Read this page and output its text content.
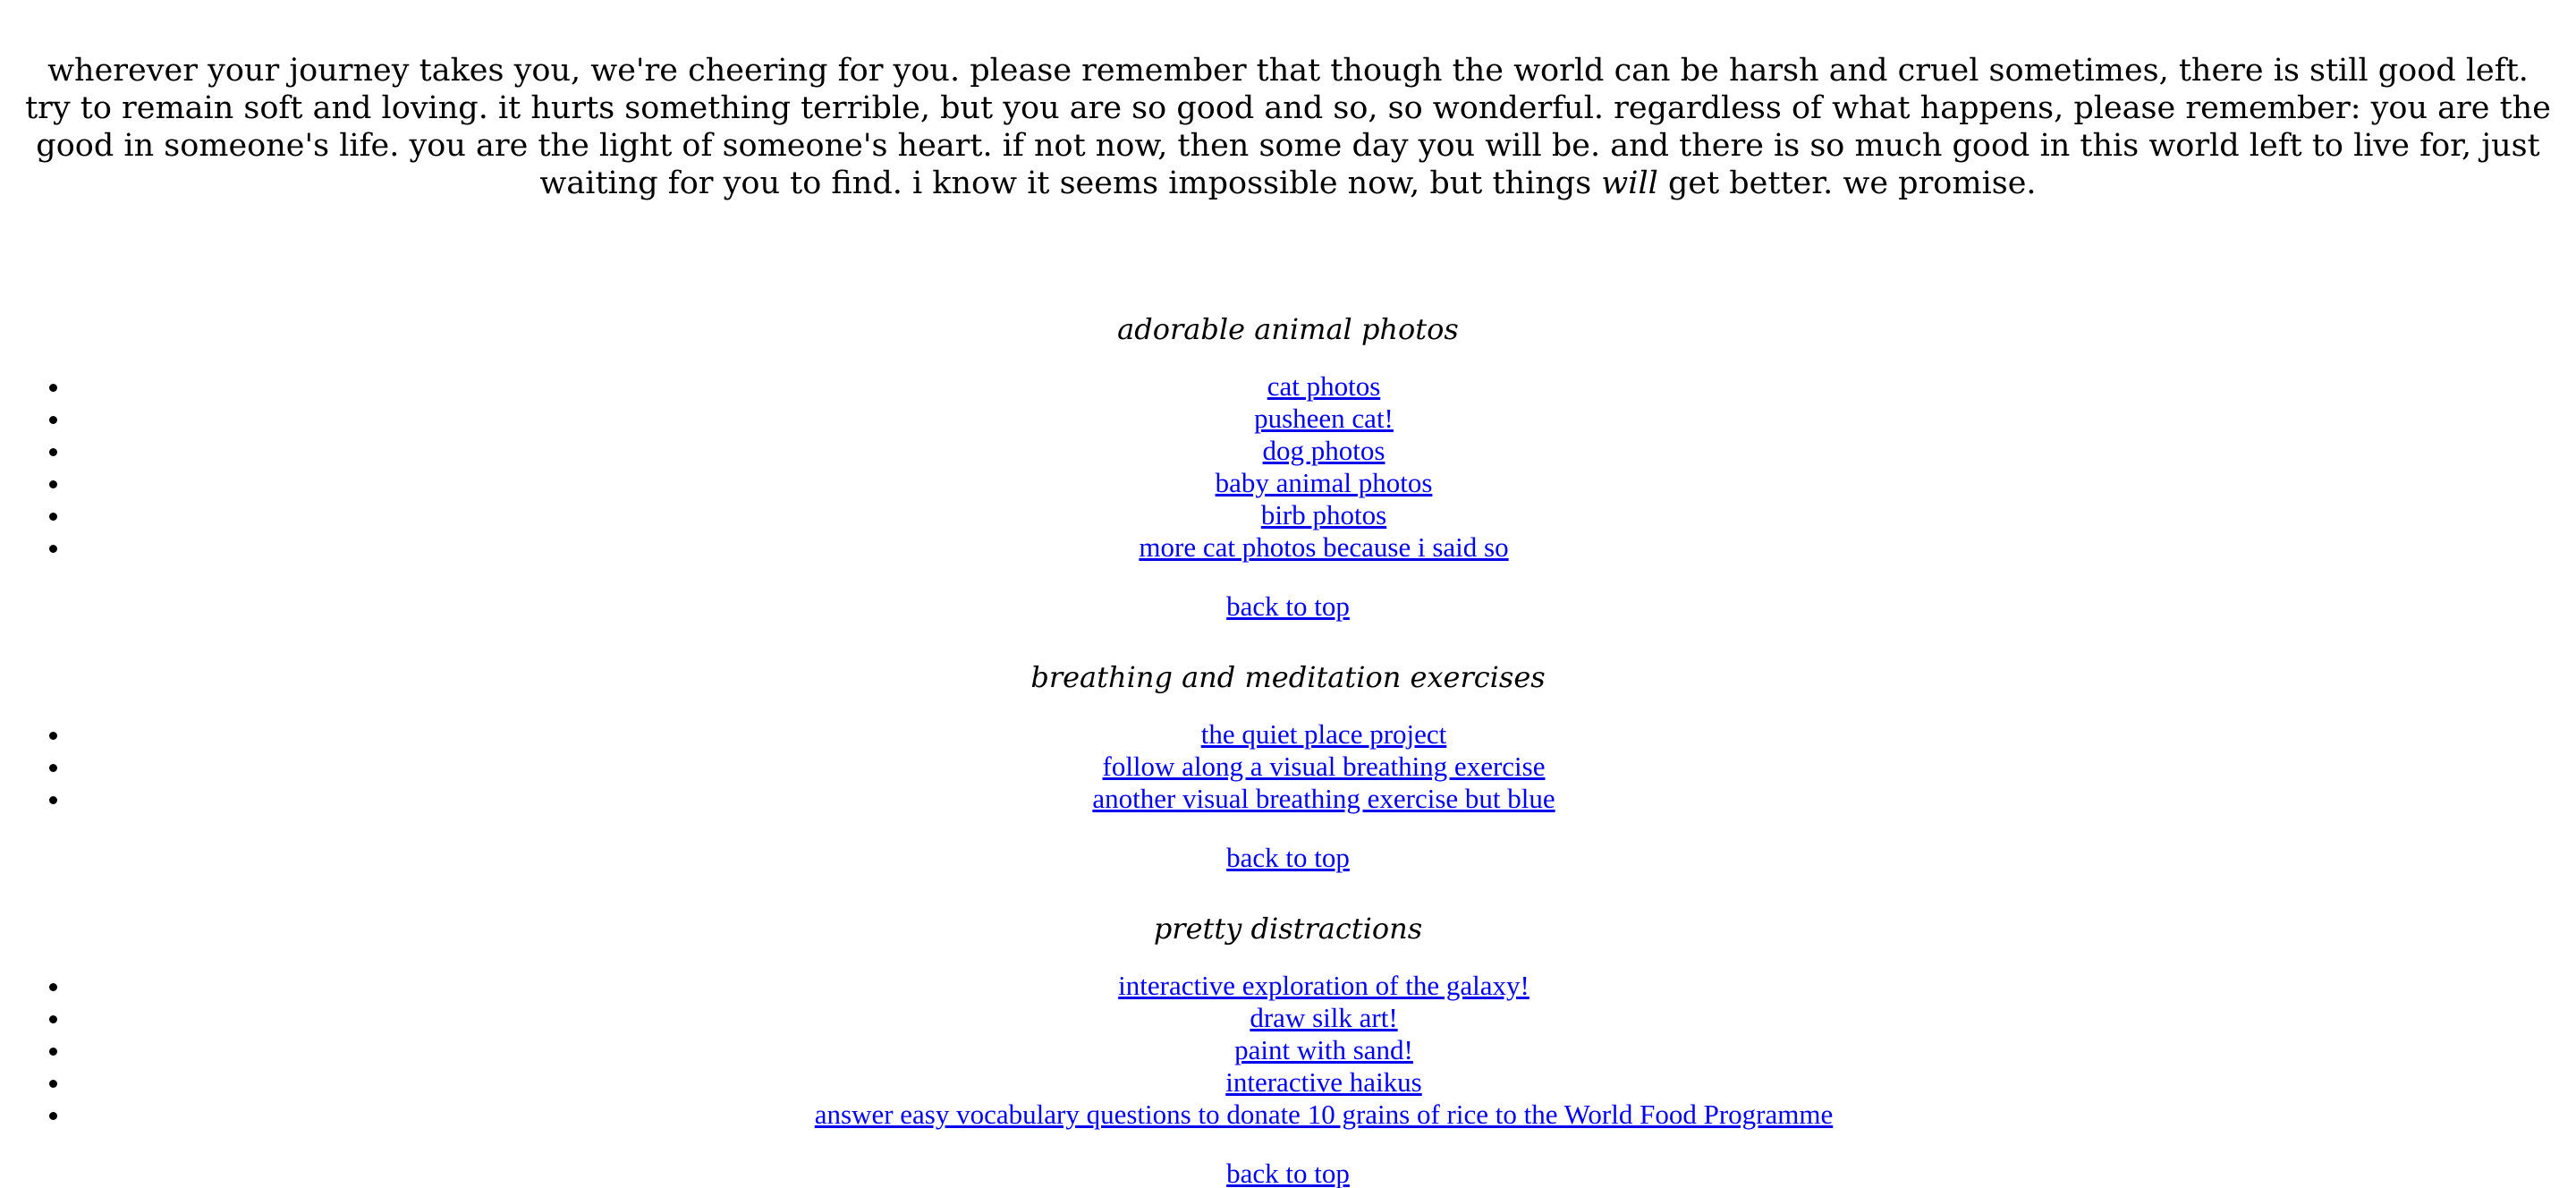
wherever your journey takes you, we're cheering for you. please remember that though the world can be harsh and cruel sometimes, there is still good left. try to remain soft and loving. it hurts something terrible, but you are so good and so, so wonderful. regardless of what happens, please remember: you are the good in someone's life. you are the light of someone's heart. if not now, then some day you will be. and there is so much good in this world left to live for, just waiting for you to find. i know it seems impossible now, but things will get better. we promise.

adorable animal photos
• cat photos
• pusheen cat!
• dog photos
• baby animal photos
• birb photos
• more cat photos because i said so
back to top
breathing and meditation exercises
• the quiet place project
• follow along a visual breathing exercise
• another visual breathing exercise but blue
back to top
pretty distractions
• interactive exploration of the galaxy!
• draw silk art!
• paint with sand!
• interactive haikus
• answer easy vocabulary questions to donate 10 grains of rice to the World Food Programme
back to top
